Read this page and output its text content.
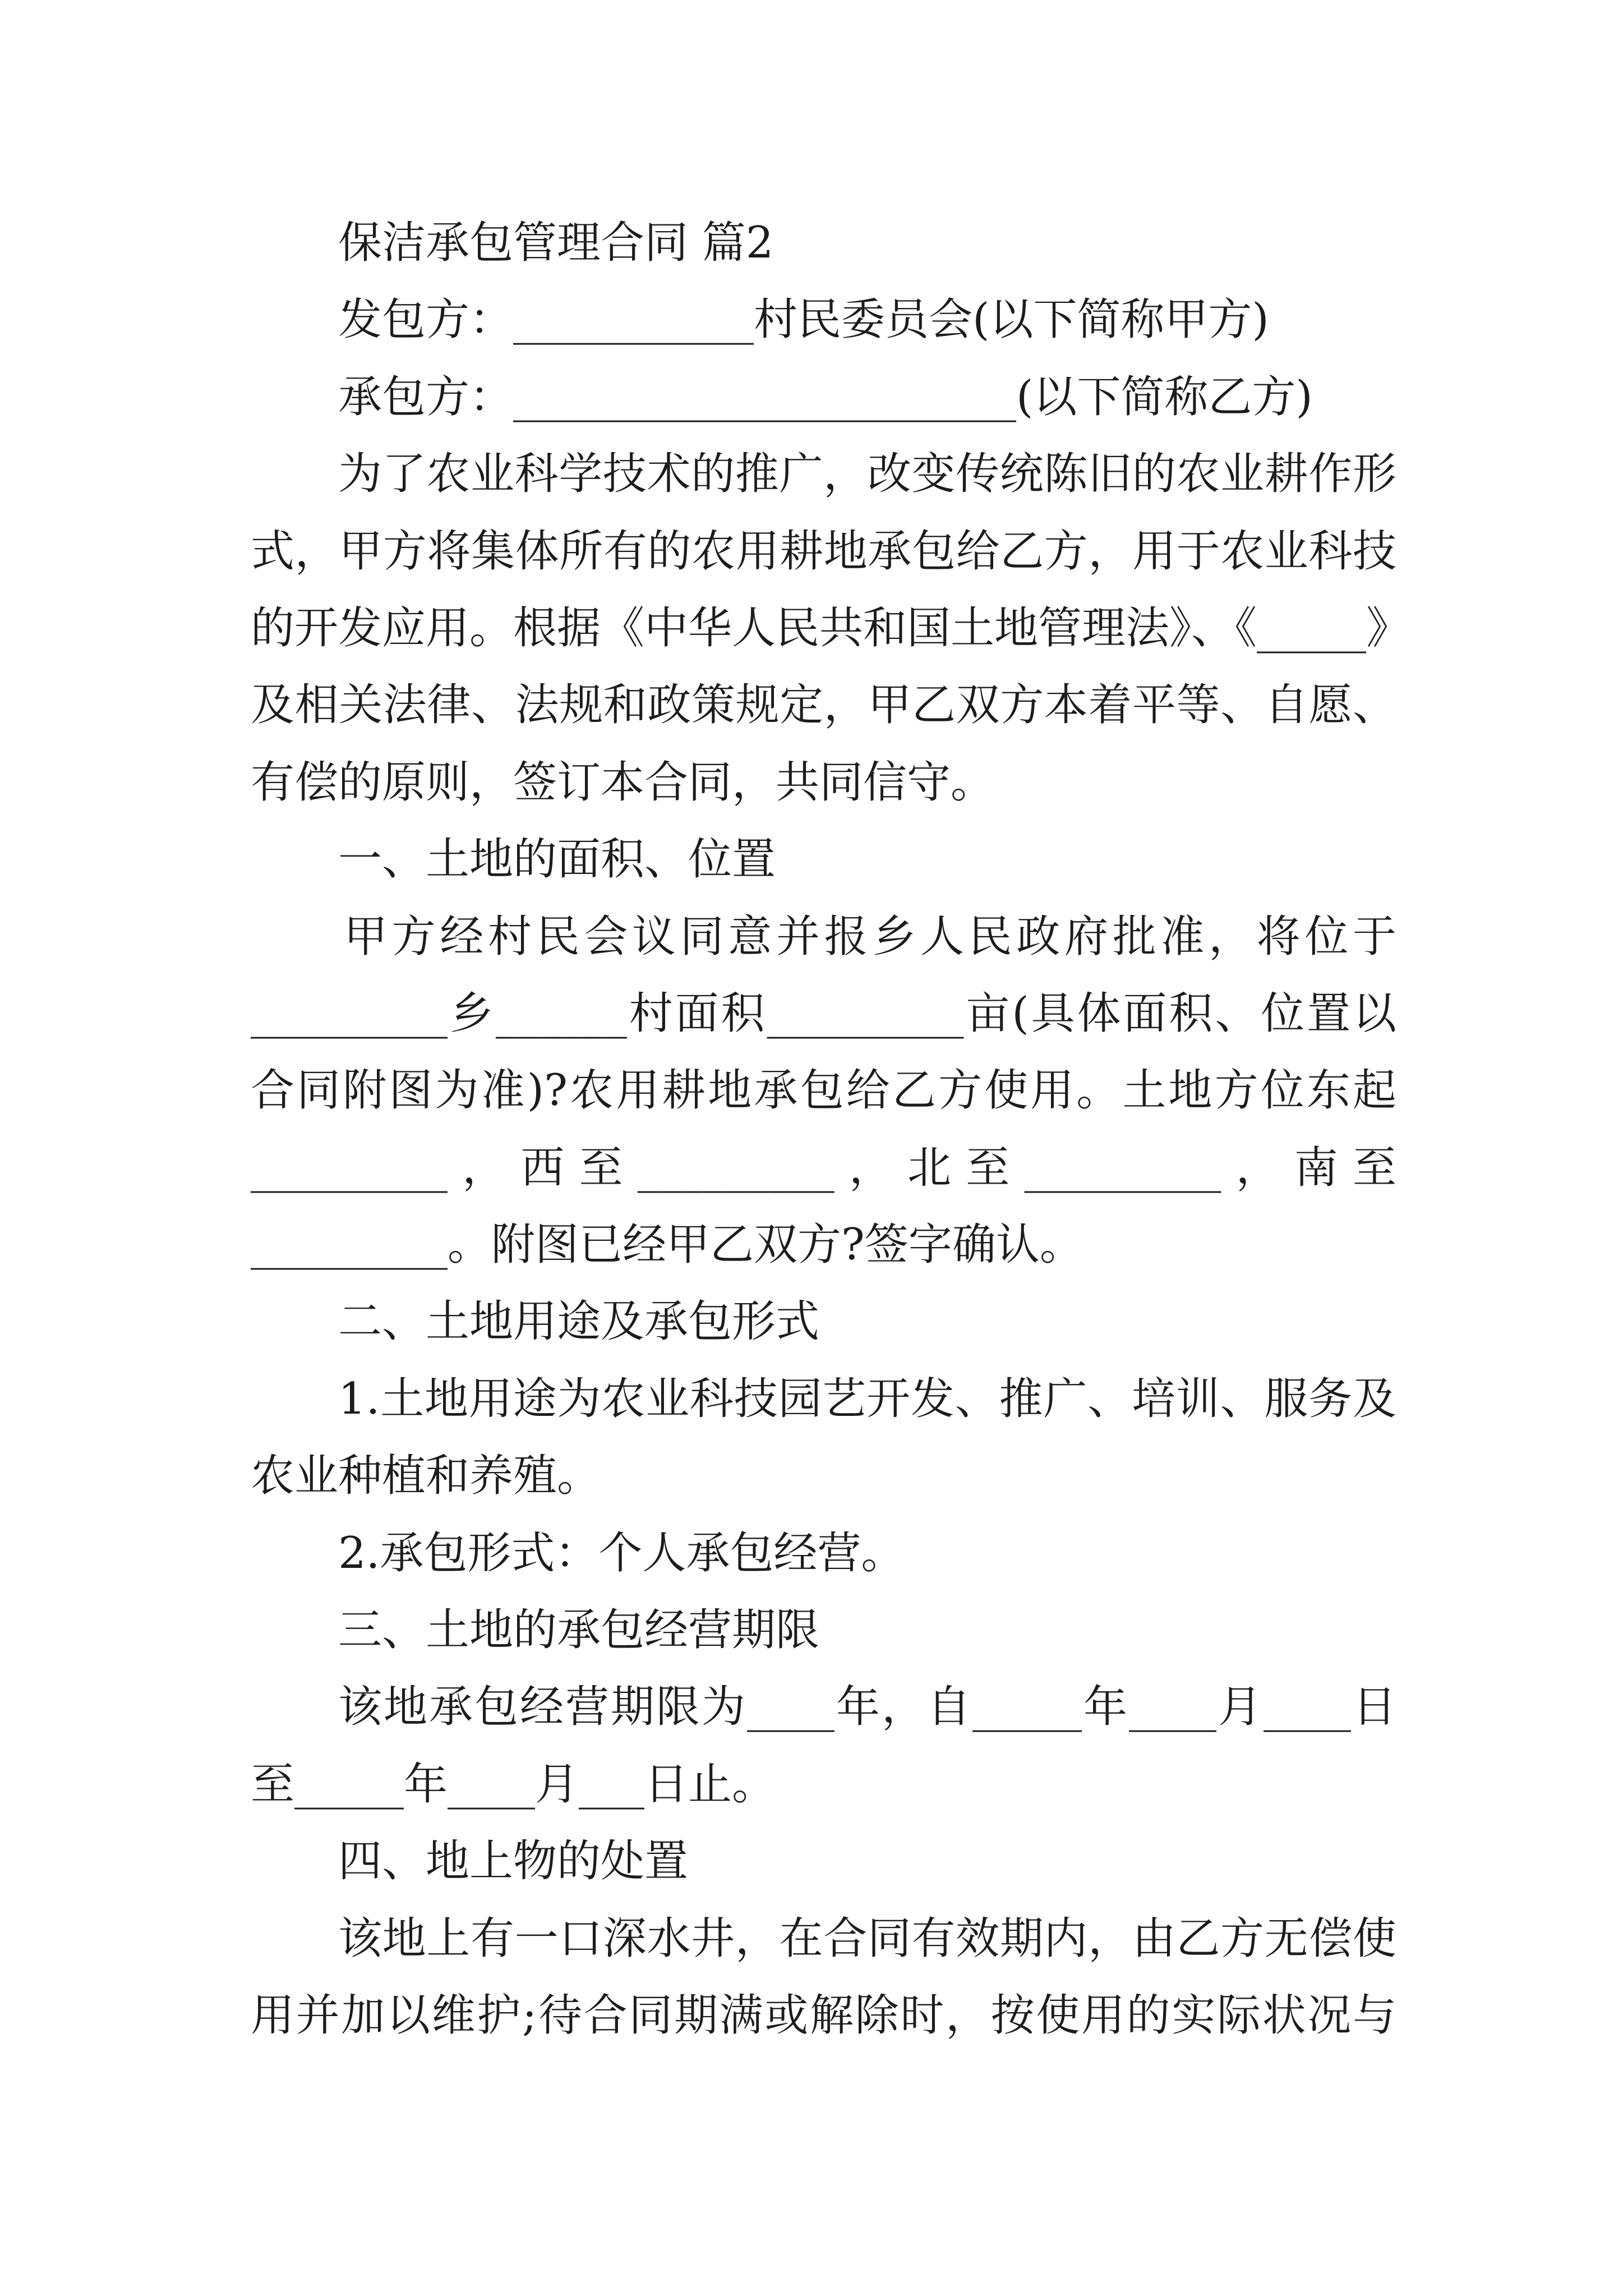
保洁承包管理合同 篇2
发包方：___________村民委员会(以下简称甲方)
承包方：_______________________(以下简称乙方)
为了农业科学技术的推广，改变传统陈旧的农业耕作形
式，甲方将集体所有的农用耕地承包给乙方，用于农业科技
的开发应用。根据《中华人民共和国土地管理法》、《_____》
及相关法律、法规和政策规定，甲乙双方本着平等、自愿、
有偿的原则，签订本合同，共同信守。
一、土地的面积、位置
甲方经村民会议同意并报乡人民政府批准，将位于
_________乡______村面积_________亩(具体面积、位置以
合同附图为准)?农用耕地承包给乙方使用。土地方位东起
_________，西至_________，北至_________，南至
_________。附图已经甲乙双方?签字确认。
二、土地用途及承包形式
1.土地用途为农业科技园艺开发、推广、培训、服务及
农业种植和养殖。
2.承包形式：个人承包经营。
三、土地的承包经营期限
该地承包经营期限为____年，自_____年____月____日
至_____年____月___日止。
四、地上物的处置
该地上有一口深水井，在合同有效期内，由乙方无偿使
用并加以维护;待合同期满或解除时，按使用的实际状况与
